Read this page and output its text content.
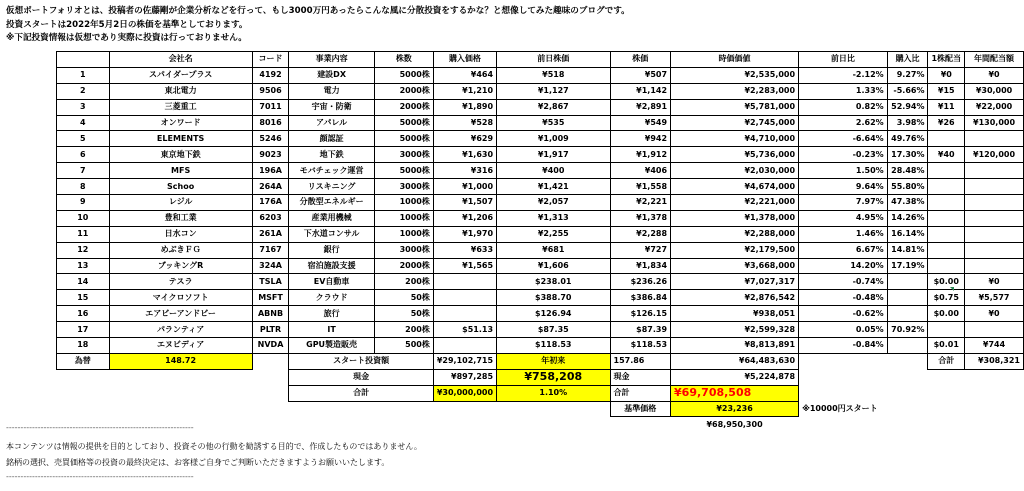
仮想ポートフォリオとは、投稿者の佐藤剛が企業分析などを行って、もし3000万円あったらこんな風に分散投資をするかな？と想像してみた趣味のブログです。
投資スタートは2022年5月2日の株価を基準としております。
※下記投資情報は仮想であり実際に投資は行っておりません。
	会社名	コード	事業内容	株数	購入価格	前日株価	株価	時価価値	前日比	購入比	1株配当	年間配当額
1	スパイダープラス	4192	建設DX	5000株	¥464	¥518	¥507	¥2,535,000	-2.12%	9.27%	¥0	¥0
2	東北電力	9506	電力	2000株	¥1,210	¥1,127	¥1,142	¥2,283,000	1.33%	-5.66%	¥15	¥30,000
3	三菱重工	7011	宇宙・防衛	2000株	¥1,890	¥2,867	¥2,891	¥5,781,000	0.82%	52.94%	¥11	¥22,000
4	オンワード	8016	アパレル	5000株	¥528	¥535	¥549	¥2,745,000	2.62%	3.98%	¥26	¥130,000
5	ELEMENTS	5246	顔認証	5000株	¥629	¥1,009	¥942	¥4,710,000	-6.64%	49.76%		
6	東京地下鉄	9023	地下鉄	3000株	¥1,630	¥1,917	¥1,912	¥5,736,000	-0.23%	17.30%	¥40	¥120,000
7	MFS	196A	モバチェック運営	5000株	¥316	¥400	¥406	¥2,030,000	1.50%	28.48%		
8	Schoo	264A	リスキニング	3000株	¥1,000	¥1,421	¥1,558	¥4,674,000	9.64%	55.80%		
9	レジル	176A	分散型エネルギー	1000株	¥1,507	¥2,057	¥2,221	¥2,221,000	7.97%	47.38%		
10	豊和工業	6203	産業用機械	1000株	¥1,206	¥1,313	¥1,378	¥1,378,000	4.95%	14.26%		
11	日水コン	261A	下水道コンサル	1000株	¥1,970	¥2,255	¥2,288	¥2,288,000	1.46%	16.14%		
12	めぶきＦＧ	7167	銀行	3000株	¥633	¥681	¥727	¥2,179,500	6.67%	14.81%		
13	ブッキングR	324A	宿泊施設支援	2000株	¥1,565	¥1,606	¥1,834	¥3,668,000	14.20%	17.19%		
14	テスラ	TSLA	EV自動車	200株		$238.01	$236.26	¥7,027,317	-0.74%		$0.00	¥0
15	マイクロソフト	MSFT	クラウド	50株		$388.70	$386.84	¥2,876,542	-0.48%		$0.75	¥5,577
16	エアビーアンドビー	ABNB	旅行	50株		$126.94	$126.15	¥938,051	-0.62%		$0.00	¥0
17	パランティア	PLTR	IT	200株	$51.13	$87.35	$87.39	¥2,599,328	0.05%	70.92%		
18	エヌビディア	NVDA	GPU製造販売	500株		$118.53	$118.53	¥8,813,891	-0.84%		$0.01	¥744
為替	148.72		スタート投資額		¥29,102,715	年初来	157.86	¥64,483,630			合計	¥308,321
			現金		¥897,285	¥758,208	現金	¥5,224,878				
			合計		¥30,000,000	1.10%	合計	¥69,708,508				
							基準価格	¥23,236	※10000円スタート			
								¥68,950,300				
-----------------------------------------------------------------
本コンテンツは情報の提供を目的としており、投資その他の行動を勧誘する目的で、作成したものではありません。
銘柄の選択、売買価格等の投資の最終決定は、お客様ご自身でご判断いただきますようお願いいたします。
-----------------------------------------------------------------
